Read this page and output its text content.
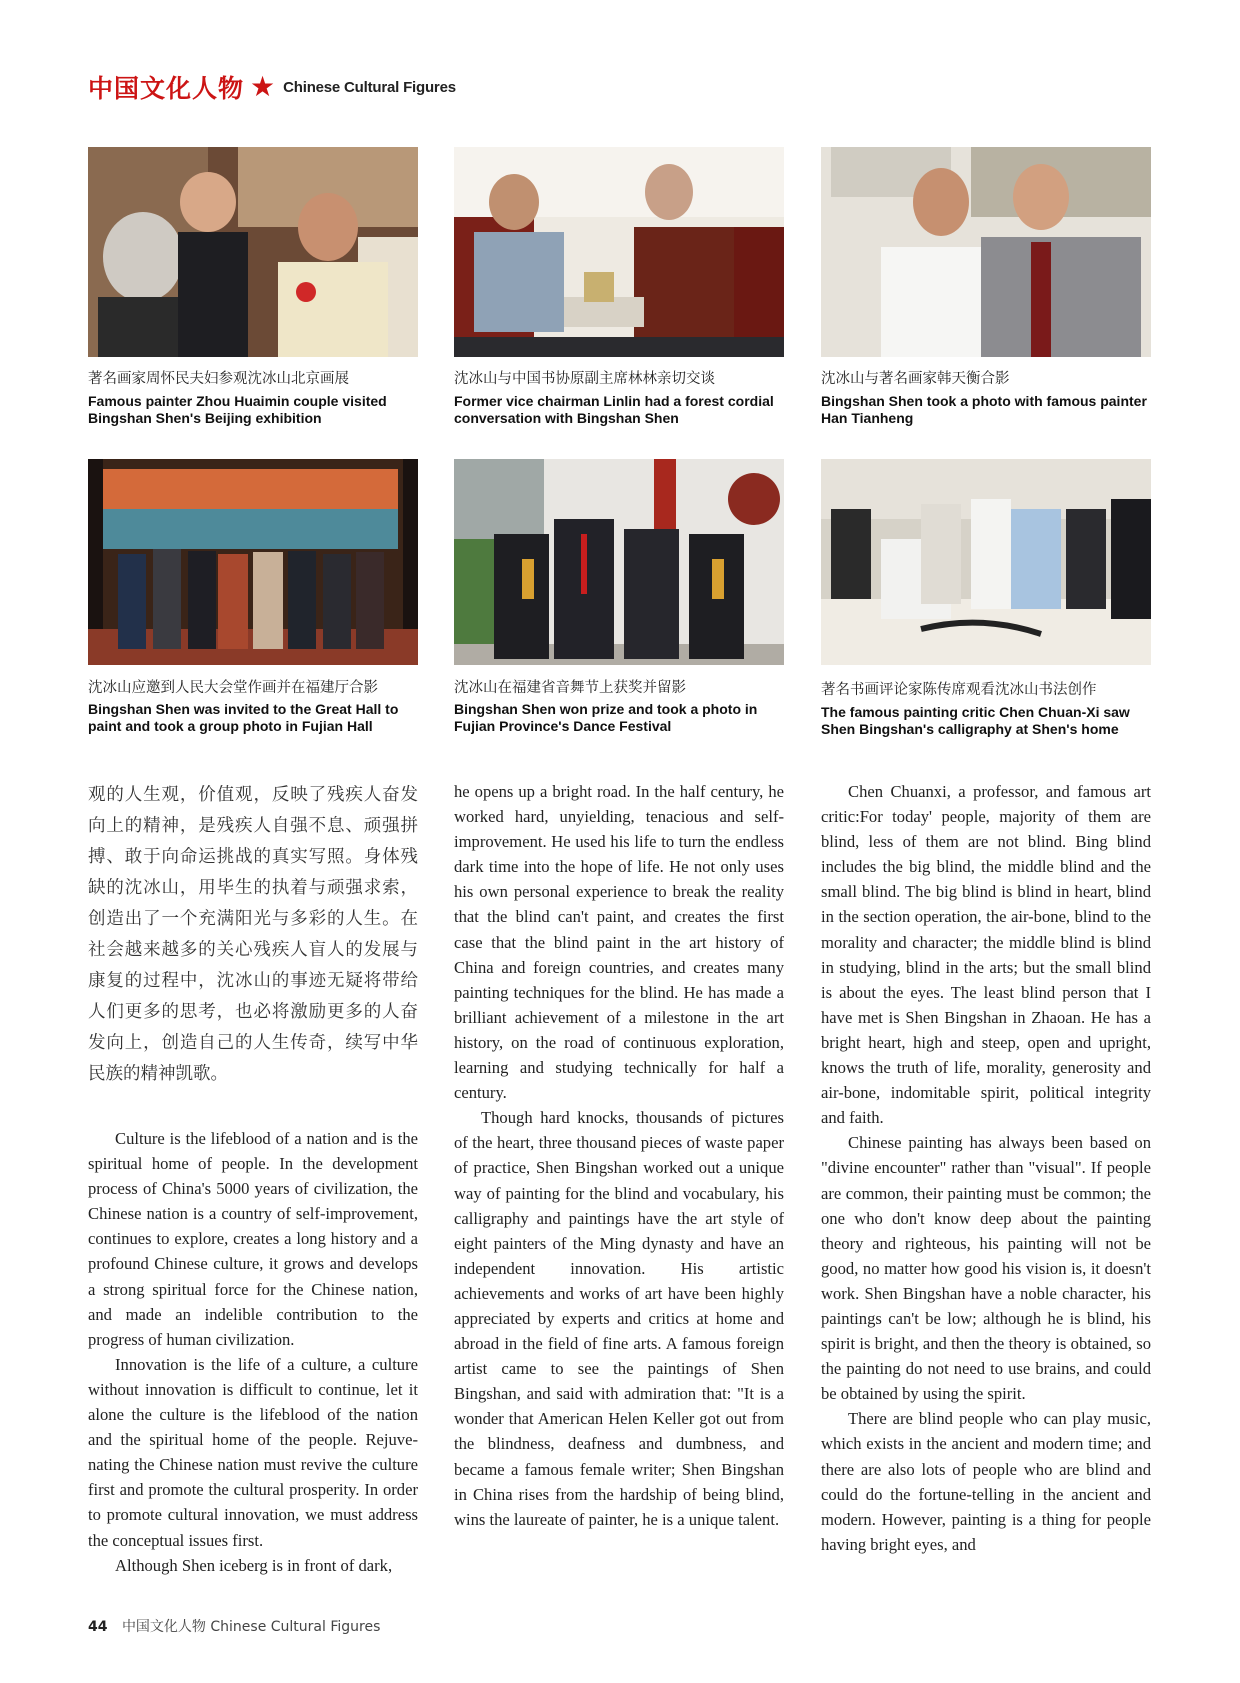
中国文化人物 ★ Chinese Cultural Figures
著名画家周怀民夫妇参观沈冰山北京画展
Famous painter Zhou Huaimin couple visited Bingshan Shen's Beijing exhibition
沈冰山与中国书协原副主席林林亲切交谈
Former vice chairman Linlin had a forest cordial conversation with Bingshan Shen
沈冰山与著名画家韩天衡合影
Bingshan Shen took a photo with famous painter Han Tianheng
沈冰山应邀到人民大会堂作画并在福建厅合影
Bingshan Shen was invited to the Great Hall to paint and took a group photo in Fujian Hall
沈冰山在福建省音舞节上获奖并留影
Bingshan Shen won prize and took a photo in Fujian Province's Dance Festival
著名书画评论家陈传席观看沈冰山书法创作
The famous painting critic Chen Chuan-Xi saw Shen Bingshan's calligraphy at Shen's home

观的人生观，价值观，反映了残疾人奋发向上的精神，是残疾人自强不息、顽强拼搏、敢于向命运挑战的真实写照。身体残缺的沈冰山，用毕生的执着与顽强求索，创造出了一个充满阳光与多彩的人生。在社会越来越多的关心残疾人盲人的发展与康复的过程中，沈冰山的事迹无疑将带给人们更多的思考，也必将激励更多的人奋发向上，创造自己的人生传奇，续写中华民族的精神凯歌。

Culture is the lifeblood of a nation and is the spiritual home of people. In the development process of China's 5000 years of civilization, the Chinese nation is a country of self-improvement, continues to explore, creates a long history and a profound Chinese culture, it grows and develops a strong spiritual force for the Chinese nation, and made an indelible contribution to the progress of human civilization.

Innovation is the life of a culture, a culture without innovation is difficult to continue, let it alone the culture is the lifeblood of the nation and the spiritual home of the people. Rejuvenating the Chinese nation must revive the culture first and promote the cultural prosperity. In order to promote cultural innovation, we must address the conceptual issues first.

Although Shen iceberg is in front of dark,

he opens up a bright road. In the half century, he worked hard, unyielding, tenacious and self-improvement. He used his life to turn the endless dark time into the hope of life. He not only uses his own personal experience to break the reality that the blind can't paint, and creates the first case that the blind paint in the art history of China and foreign countries, and creates many painting techniques for the blind. He has made a brilliant achievement of a milestone in the art history, on the road of continuous exploration, learning and studying technically for half a century.

Though hard knocks, thousands of pictures of the heart, three thousand pieces of waste paper of practice, Shen Bingshan worked out a unique way of painting for the blind and vocabulary, his calligraphy and paintings have the art style of eight painters of the Ming dynasty and have an independent innovation. His artistic achievements and works of art have been highly appreciated by experts and critics at home and abroad in the field of fine arts. A famous foreign artist came to see the paintings of Shen Bingshan, and said with admiration that: "It is a wonder that American Helen Keller got out from the blindness, deafness and dumbness, and became a famous female writer; Shen Bingshan in China rises from the hardship of being blind, wins the laureate of painter, he is a unique talent.

Chen Chuanxi, a professor, and famous art critic:For today' people, majority of them are blind, less of them are not blind. Bing blind includes the big blind, the middle blind and the small blind. The big blind is blind in heart, blind in the section operation, the air-bone, blind to the morality and character; the middle blind is blind in studying, blind in the arts; but the small blind is about the eyes. The least blind person that I have met is Shen Bingshan in Zhaoan. He has a bright heart, high and steep, open and upright, knows the truth of life, morality, generosity and air-bone, indomitable spirit, political integrity and faith.

Chinese painting has always been based on "divine encounter" rather than "visual". If people are common, their painting must be common; the one who don't know deep about the painting theory and righteous, his painting will not be good, no matter how good his vision is, it doesn't work. Shen Bingshan have a noble character, his paintings can't be low; although he is blind, his spirit is bright, and then the theory is obtained, so the painting do not need to use brains, and could be obtained by using the spirit.

There are blind people who can play music, which exists in the ancient and modern time; and there are also lots of people who are blind and could do the fortune-telling in the ancient and modern. However, painting is a thing for people having bright eyes, and

44 中国文化人物 Chinese Cultural Figures
